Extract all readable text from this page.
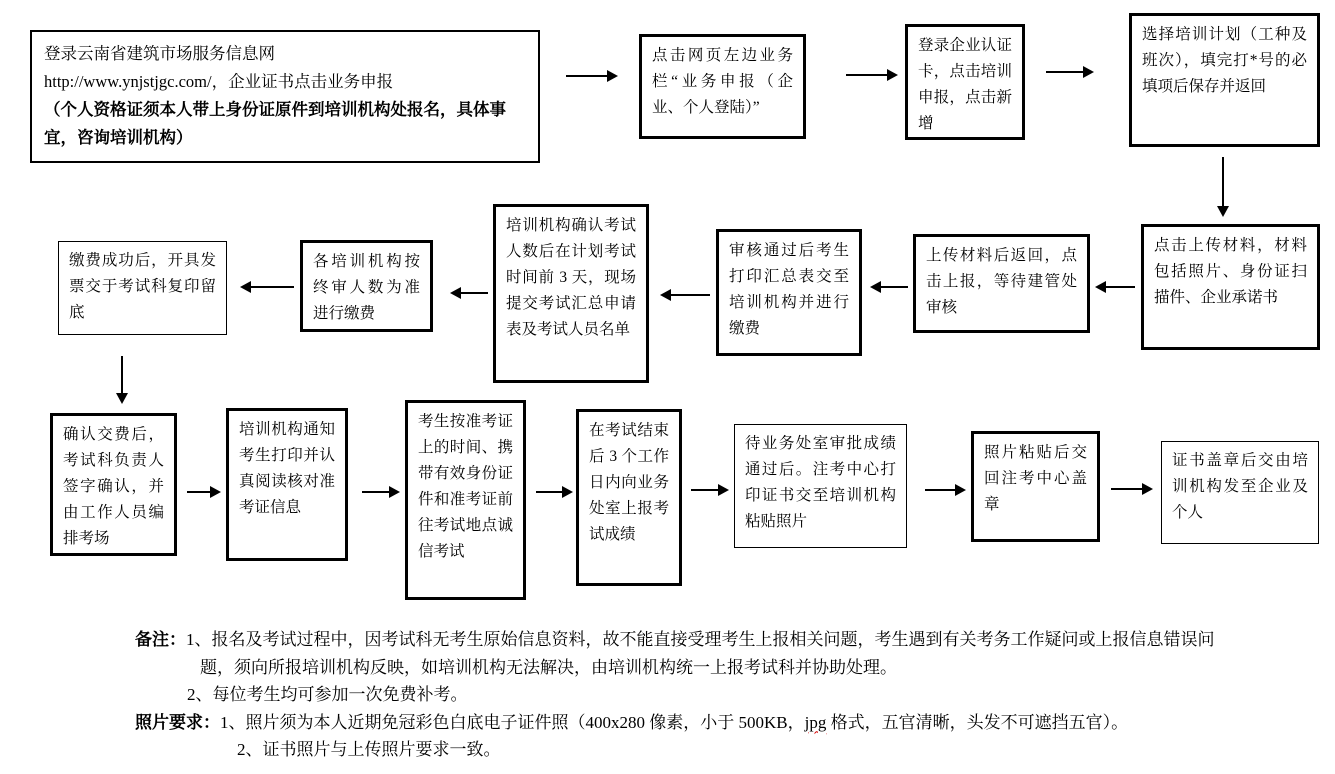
登录云南省建筑市场服务信息网
http://www.ynjstjgc.com/，企业证书点击业务申报
（个人资格证须本人带上身份证原件到培训机构处报名，具体事宜，咨询培训机构）
点击网页左边业务栏“业务申报（企业、个人登陆）”
登录企业认证卡，点击培训申报，点击新增
选择培训计划（工种及班次），填完打*号的必填项后保存并返回
点击上传材料，材料包括照片、身份证扫描件、企业承诺书
上传材料后返回，点击上报，等待建管处审核
审核通过后考生打印汇总表交至培训机构并进行缴费
培训机构确认考试人数后在计划考试时间前 3 天，现场提交考试汇总申请表及考试人员名单
各培训机构按终审人数为准进行缴费
缴费成功后，开具发票交于考试科复印留底
确认交费后，考试科负责人签字确认，并由工作人员编排考场
培训机构通知考生打印并认真阅读核对准考证信息
考生按准考证上的时间、携带有效身份证件和准考证前往考试地点诚信考试
在考试结束后 3 个工作日内向业务处室上报考试成绩
待业务处室审批成绩通过后。注考中心打印证书交至培训机构粘贴照片
照片粘贴后交回注考中心盖章
证书盖章后交由培训机构发至企业及个人
备注：1、报名及考试过程中，因考试科无考生原始信息资料，故不能直接受理考生上报相关问题，考生遇到有关考务工作疑问或上报信息错误问
题，须向所报培训机构反映，如培训机构无法解决，由培训机构统一上报考试科并协助处理。
2、每位考生均可参加一次免费补考。
照片要求：1、照片须为本人近期免冠彩色白底电子证件照（400x280 像素，小于 500KB，jpg 格式，五官清晰，头发不可遮挡五官）。
2、证书照片与上传照片要求一致。
